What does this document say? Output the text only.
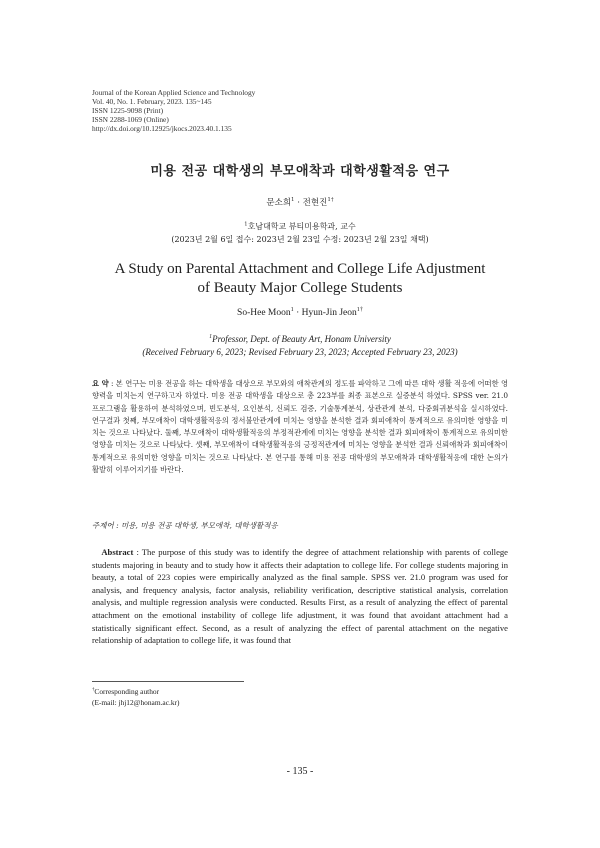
Journal of the Korean Applied Science and Technology
Vol. 40, No. 1. February, 2023. 135~145
ISSN 1225-9098 (Print)
ISSN 2288-1069 (Online)
http://dx.doi.org/10.12925/jkocs.2023.40.1.135
미용 전공 대학생의 부모애착과 대학생활적응 연구
문소희$^1$ · 전현진$^{1\dagger}$
$^1$호남대학교 뷰티미용학과, 교수
(2023년 2월 6일 접수: 2023년 2월 23일 수정: 2023년 2월 23일 채택)
A Study on Parental Attachment and College Life Adjustment
of Beauty Major College Students
So-Hee Moon$^1$ · Hyun-Jin Jeon$^{1\dagger}$
$^1$Professor, Dept. of Beauty Art, Honam University
(Received February 6, 2023; Revised February 23, 2023; Accepted February 23, 2023)
요 약 : 본 연구는 미용 전공을 하는 대학생을 대상으로 부모와의 애착관계의 정도를 파악하고 그에 따른 대학 생활 적응에 어떠한 영향력을 미치는지 연구하고자 하였다. 미용 전공 대학생을 대상으로 총 223부를 최종 표본으로 실증분석 하였다. SPSS ver. 21.0 프로그램을 활용하여 분석하였으며, 빈도분석, 요인분석, 신뢰도 검증, 기술통계분석, 상관관계 분석, 다중회귀분석을 실시하였다. 연구결과 첫째, 부모애착이 대학생활적응의 정서불안관계에 미치는 영향을 분석한 결과 회피애착이 통계적으로 유의미한 영향을 미치는 것으로 나타났다. 둘째, 부모애착이 대학생활적응의 부정적관계에 미치는 영향을 분석한 결과 회피애착이 통계적으로 유의미한 영향을 미치는 것으로 나타났다. 셋째, 부모애착이 대학생활적응의 긍정적관계에 미치는 영향을 분석한 결과 신뢰애착과 회피애착이 통계적으로 유의미한 영향을 미치는 것으로 나타났다. 본 연구를 통해 미용 전공 대학생의 부모애착과 대학생활적응에 대한 논의가 활발히 이루어지기를 바란다.
주제어 : 미용, 미용 전공 대학생, 부모애착, 대학생활적응
Abstract : The purpose of this study was to identify the degree of attachment relationship with parents of college students majoring in beauty and to study how it affects their adaptation to college life. For college students majoring in beauty, a total of 223 copies were empirically analyzed as the final sample. SPSS ver. 21.0 program was used for analysis, and frequency analysis, factor analysis, reliability verification, descriptive statistical analysis, correlation analysis, and multiple regression analysis were conducted. Results First, as a result of analyzing the effect of parental attachment on the emotional instability of college life adjustment, it was found that avoidant attachment had a statistically significant effect. Second, as a result of analyzing the effect of parental attachment on the negative relationship of adaptation to college life, it was found that
†Corresponding author
(E-mail: jhj12@honam.ac.kr)
- 135 -
